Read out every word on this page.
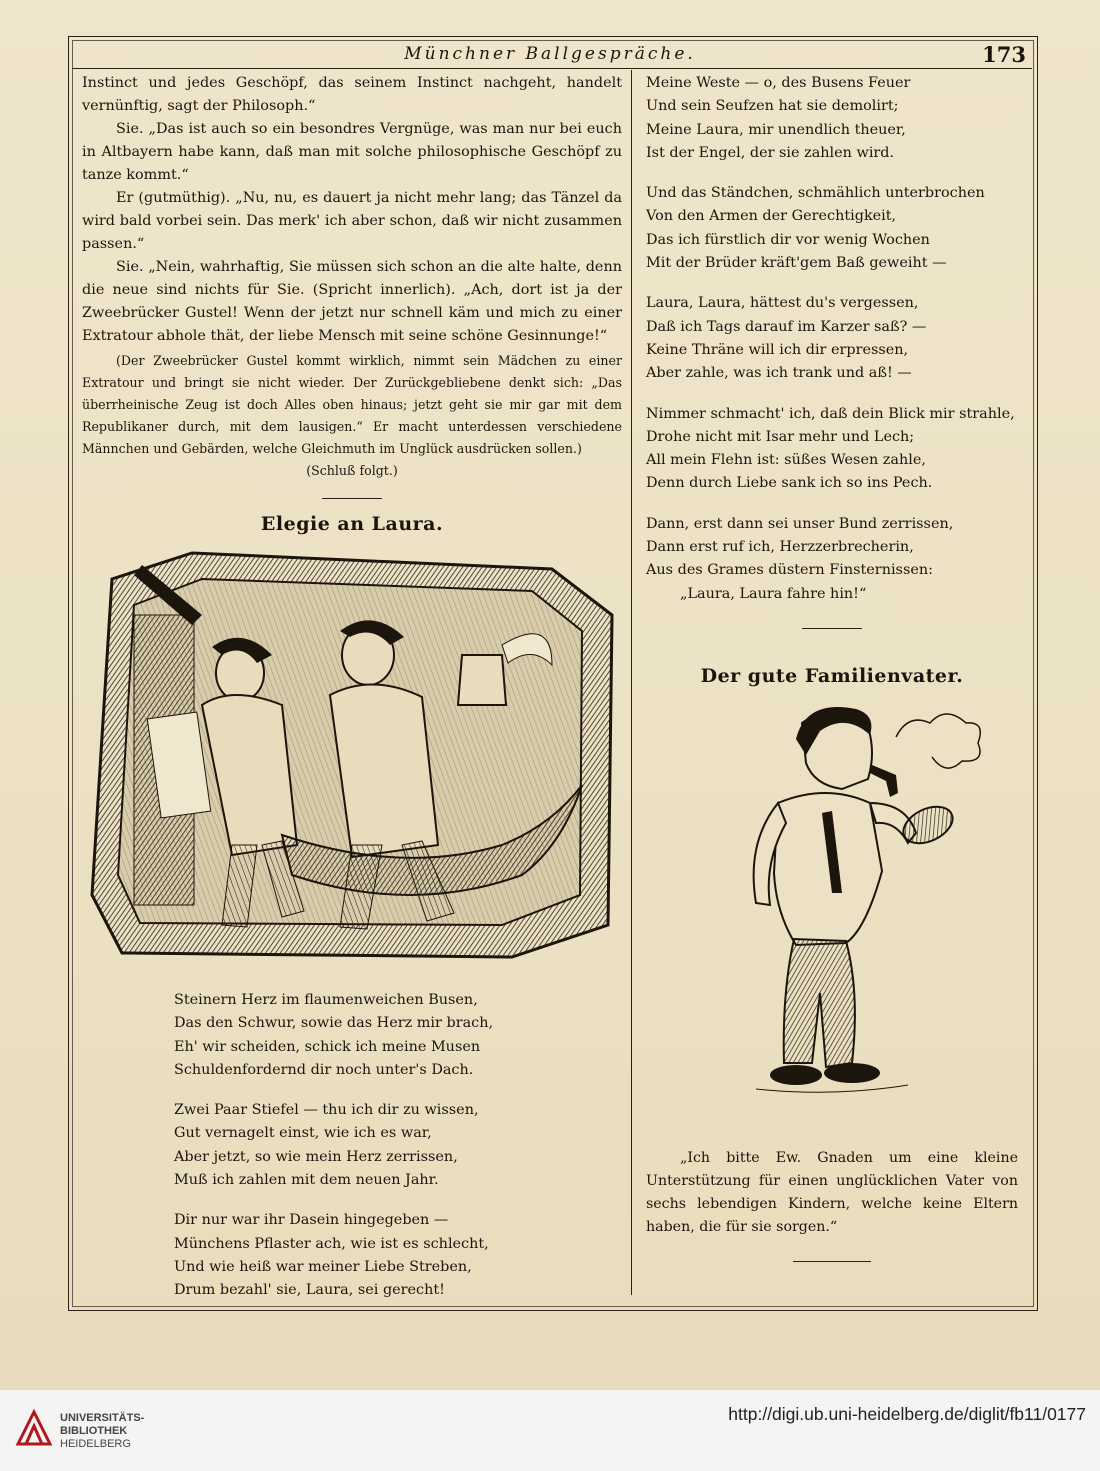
Münchner Ballgespräche.	173

Instinct und jedes Geschöpf, das seinem Instinct nachgeht, handelt vernünftig, sagt der Philosoph.“

Sie. „Das ist auch so ein besondres Vergnüge, was man nur bei euch in Altbayern habe kann, daß man mit solche philosophische Geschöpf zu tanze kommt.“

Er (gutmüthig). „Nu, nu, es dauert ja nicht mehr lang; das Tänzel da wird bald vorbei sein. Das merk' ich aber schon, daß wir nicht zusammen passen.“

Sie. „Nein, wahrhaftig, Sie müssen sich schon an die alte halte, denn die neue sind nichts für Sie. (Spricht innerlich). „Ach, dort ist ja der Zweebrücker Gustel! Wenn der jetzt nur schnell käm und mich zu einer Extratour abhole thät, der liebe Mensch mit seine schöne Gesinnunge!“

(Der Zweebrücker Gustel kommt wirklich, nimmt sein Mädchen zu einer Extratour und bringt sie nicht wieder. Der Zurückgebliebene denkt sich: „Das überrheinische Zeug ist doch Alles oben hinaus; jetzt geht sie mir gar mit dem Republikaner durch, mit dem lausigen.“ Er macht unterdessen verschiedene Männchen und Gebärden, welche Gleichmuth im Unglück ausdrücken sollen.)

(Schluß folgt.)

Elegie an Laura.

Steinern Herz im flaumenweichen Busen,

Das den Schwur, sowie das Herz mir brach,

Eh' wir scheiden, schick ich meine Musen

Schuldenfordernd dir noch unter's Dach.

Zwei Paar Stiefel — thu ich dir zu wissen,

Gut vernagelt einst, wie ich es war,

Aber jetzt, so wie mein Herz zerrissen,

Muß ich zahlen mit dem neuen Jahr.

Dir nur war ihr Dasein hingegeben —

Münchens Pflaster ach, wie ist es schlecht,

Und wie heiß war meiner Liebe Streben,

Drum bezahl' sie, Laura, sei gerecht!

Meine Weste — o, des Busens Feuer

Und sein Seufzen hat sie demolirt;

Meine Laura, mir unendlich theuer,

Ist der Engel, der sie zahlen wird.

Und das Ständchen, schmählich unterbrochen

Von den Armen der Gerechtigkeit,

Das ich fürstlich dir vor wenig Wochen

Mit der Brüder kräft'gem Baß geweiht —

Laura, Laura, hättest du's vergessen,

Daß ich Tags darauf im Karzer saß? —

Keine Thräne will ich dir erpressen,

Aber zahle, was ich trank und aß! —

Nimmer schmacht' ich, daß dein Blick mir strahle,

Drohe nicht mit Isar mehr und Lech;

All mein Flehn ist: süßes Wesen zahle,

Denn durch Liebe sank ich so ins Pech.

Dann, erst dann sei unser Bund zerrissen,

Dann erst ruf ich, Herzzerbrecherin,

Aus des Grames düstern Finsternissen:

„Laura, Laura fahre hin!“

Der gute Familienvater.

„Ich bitte Ew. Gnaden um eine kleine Unterstützung für einen unglücklichen Vater von sechs lebendigen Kindern, welche keine Eltern haben, die für sie sorgen.“

UNIVERSITÄTS-
BIBLIOTHEK
HEIDELBERG
http://digi.ub.uni-heidelberg.de/diglit/fb11/0177
